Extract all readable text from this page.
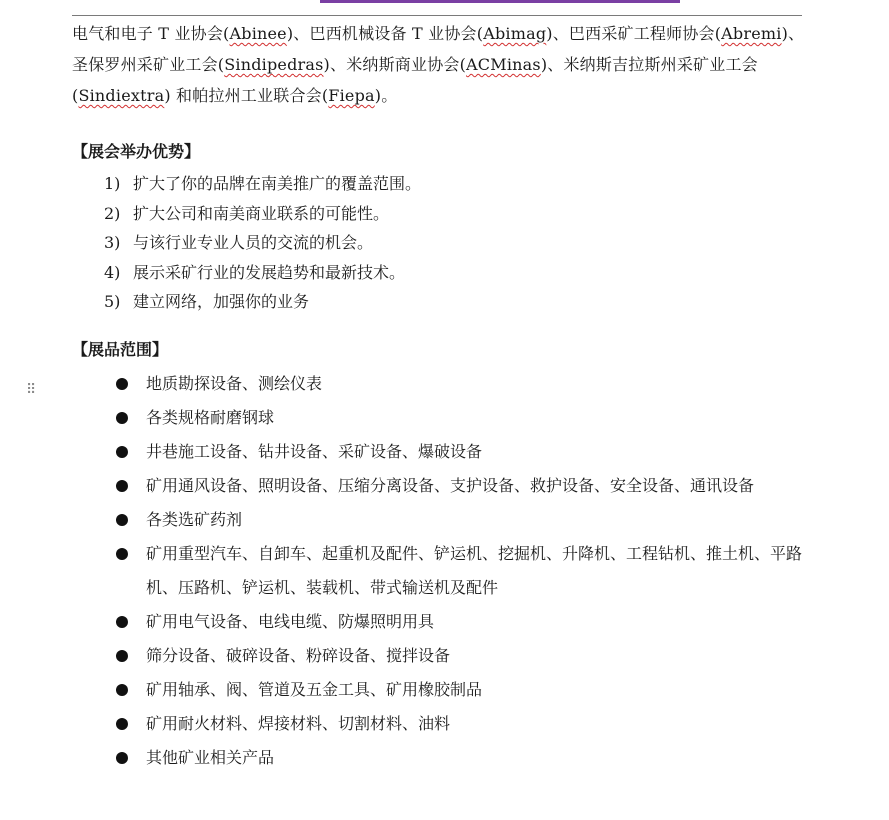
⠿

电气和电子 T 业协会(Abinee)、巴西机械设备 T 业协会(Abimag)、巴西采矿工程师协会(Abremi)、圣保罗州采矿业工会(Sindipedras)、米纳斯商业协会(ACMinas)、米纳斯吉拉斯州采矿业工会(Sindiextra) 和帕拉州工业联合会(Fiepa)。

【展会举办优势】
1) 扩大了你的品牌在南美推广的覆盖范围。
2) 扩大公司和南美商业联系的可能性。
3) 与该行业专业人员的交流的机会。
4) 展示采矿行业的发展趋势和最新技术。
5) 建立网络，加强你的业务
【展品范围】
地质勘探设备、测绘仪表
各类规格耐磨钢球
井巷施工设备、钻井设备、采矿设备、爆破设备
矿用通风设备、照明设备、压缩分离设备、支护设备、救护设备、安全设备、通讯设备
各类选矿药剂
矿用重型汽车、自卸车、起重机及配件、铲运机、挖掘机、升降机、工程钻机、推土机、平路机、压路机、铲运机、装载机、带式输送机及配件
矿用电气设备、电线电缆、防爆照明用具
筛分设备、破碎设备、粉碎设备、搅拌设备
矿用轴承、阀、管道及五金工具、矿用橡胶制品
矿用耐火材料、焊接材料、切割材料、油料
其他矿业相关产品
